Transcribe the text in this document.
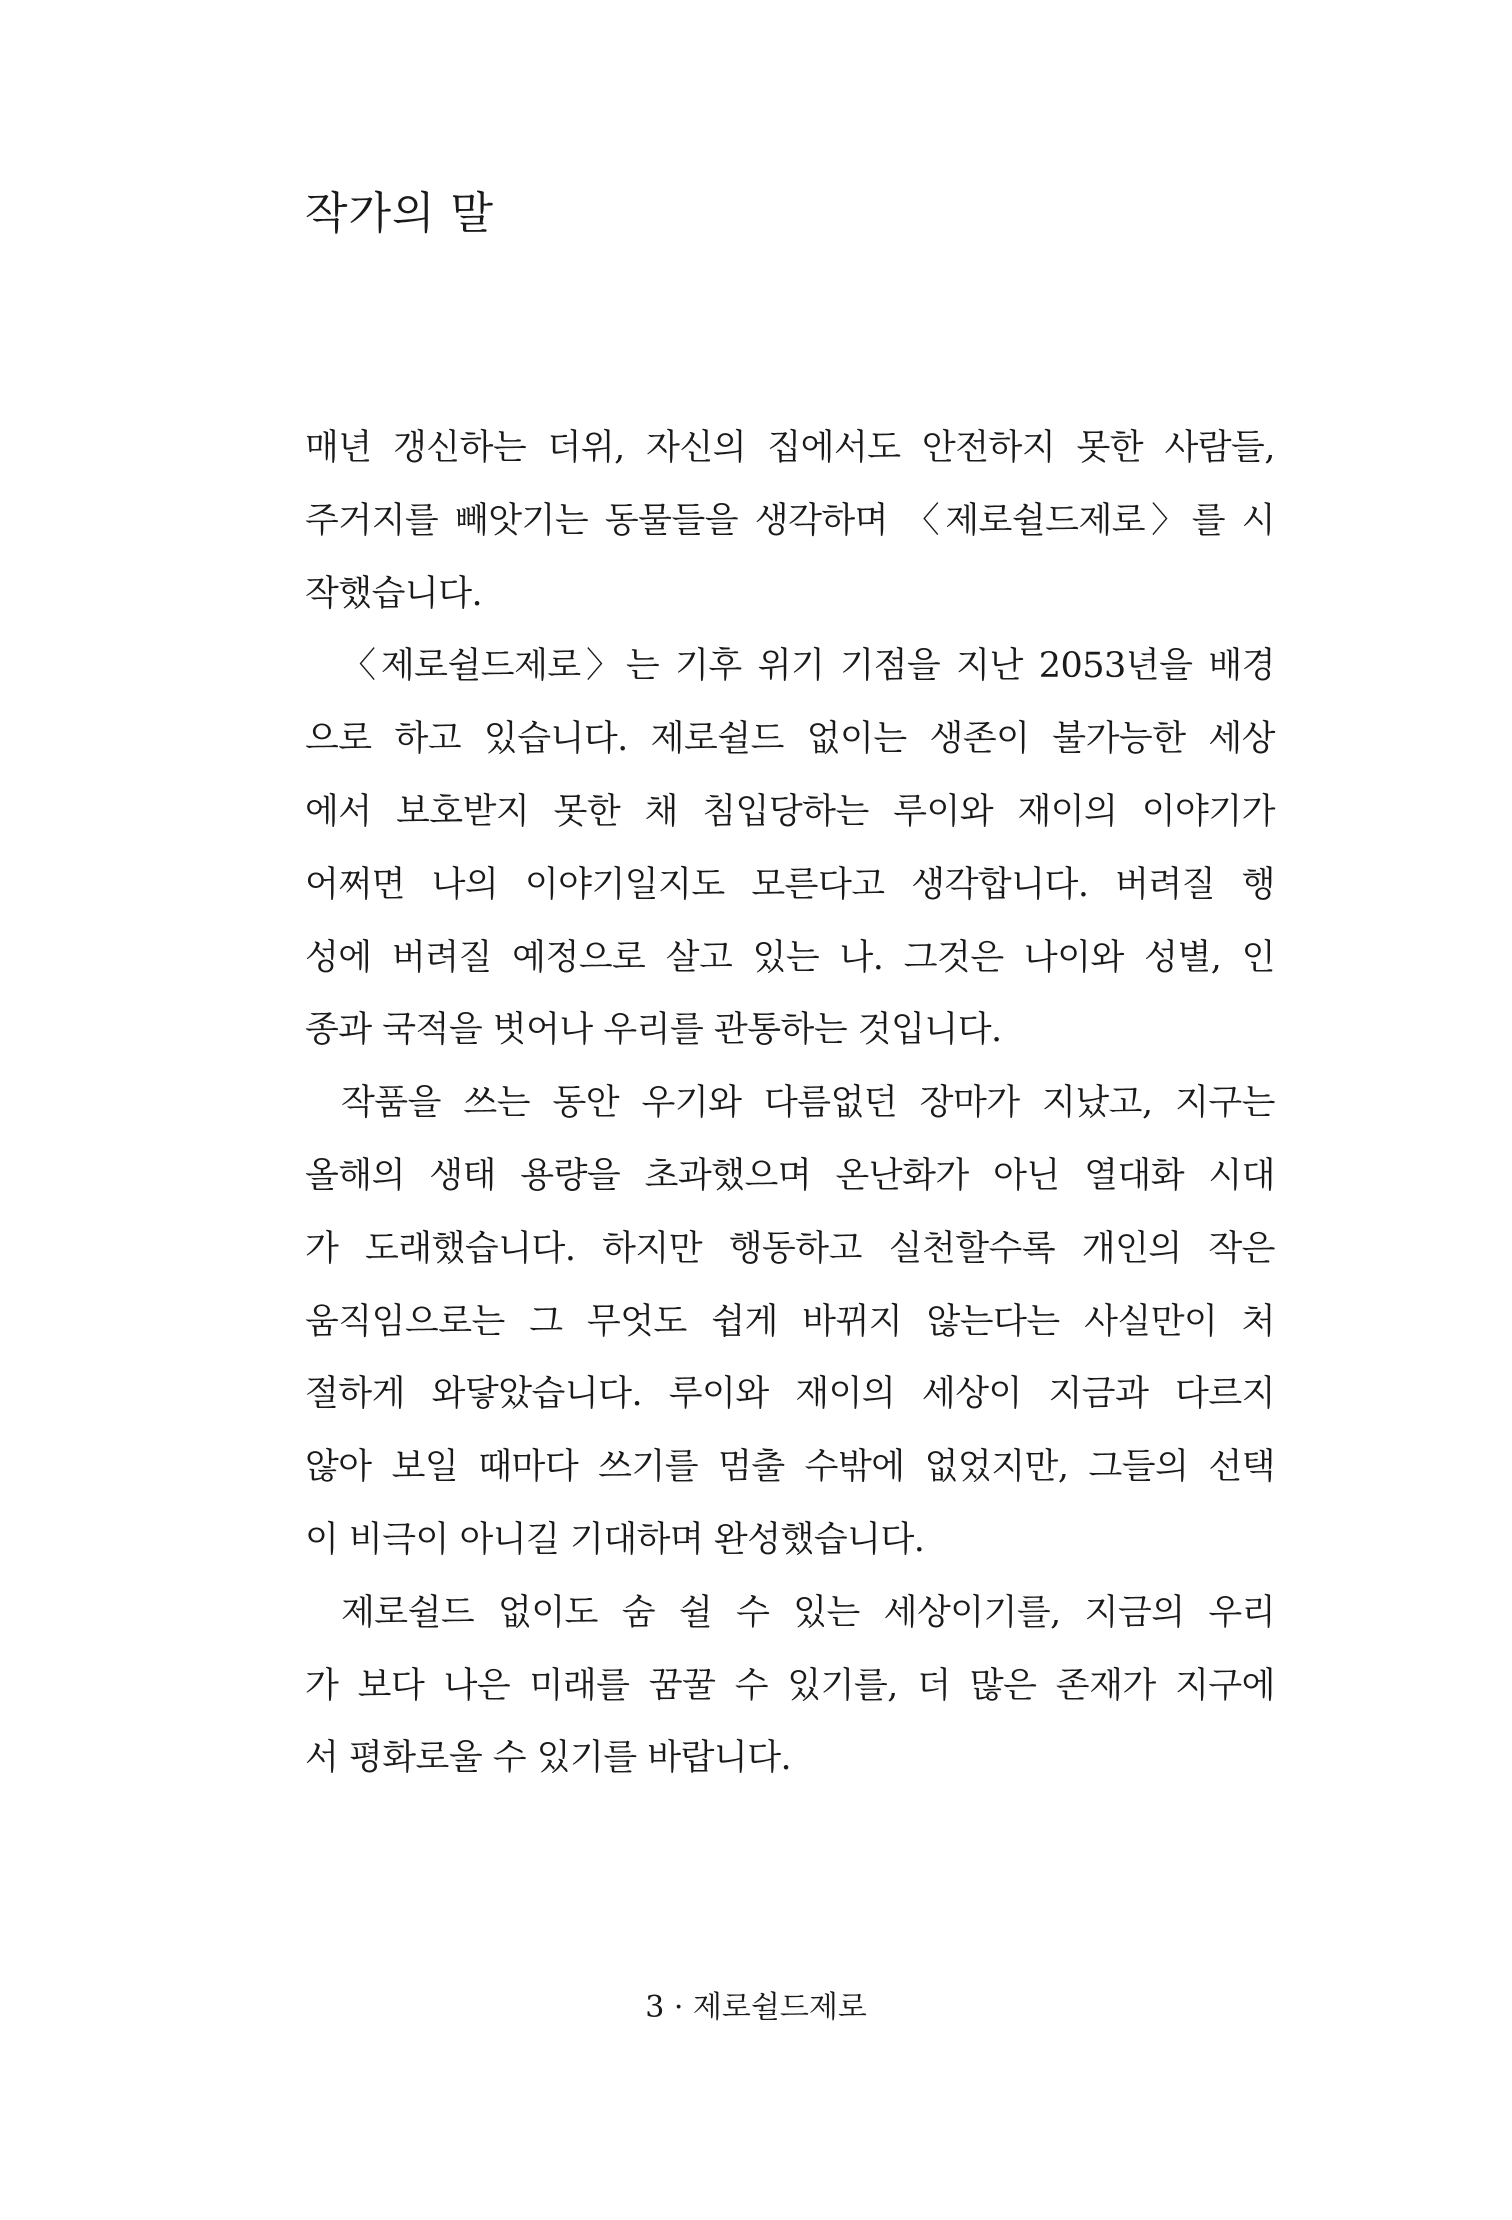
작가의 말

매년 갱신하는 더위, 자신의 집에서도 안전하지 못한 사람들,
주거지를 빼앗기는 동물들을 생각하며 〈제로쉴드제로〉를 시
작했습니다.

〈제로쉴드제로〉는 기후 위기 기점을 지난 2053년을 배경
으로 하고 있습니다. 제로쉴드 없이는 생존이 불가능한 세상
에서 보호받지 못한 채 침입당하는 루이와 재이의 이야기가
어쩌면 나의 이야기일지도 모른다고 생각합니다. 버려질 행
성에 버려질 예정으로 살고 있는 나. 그것은 나이와 성별, 인
종과 국적을 벗어나 우리를 관통하는 것입니다.

작품을 쓰는 동안 우기와 다름없던 장마가 지났고, 지구는
올해의 생태 용량을 초과했으며 온난화가 아닌 열대화 시대
가 도래했습니다. 하지만 행동하고 실천할수록 개인의 작은
움직임으로는 그 무엇도 쉽게 바뀌지 않는다는 사실만이 처
절하게 와닿았습니다. 루이와 재이의 세상이 지금과 다르지
않아 보일 때마다 쓰기를 멈출 수밖에 없었지만, 그들의 선택
이 비극이 아니길 기대하며 완성했습니다.

제로쉴드 없이도 숨 쉴 수 있는 세상이기를, 지금의 우리
가 보다 나은 미래를 꿈꿀 수 있기를, 더 많은 존재가 지구에
서 평화로울 수 있기를 바랍니다.

3 · 제로쉴드제로
